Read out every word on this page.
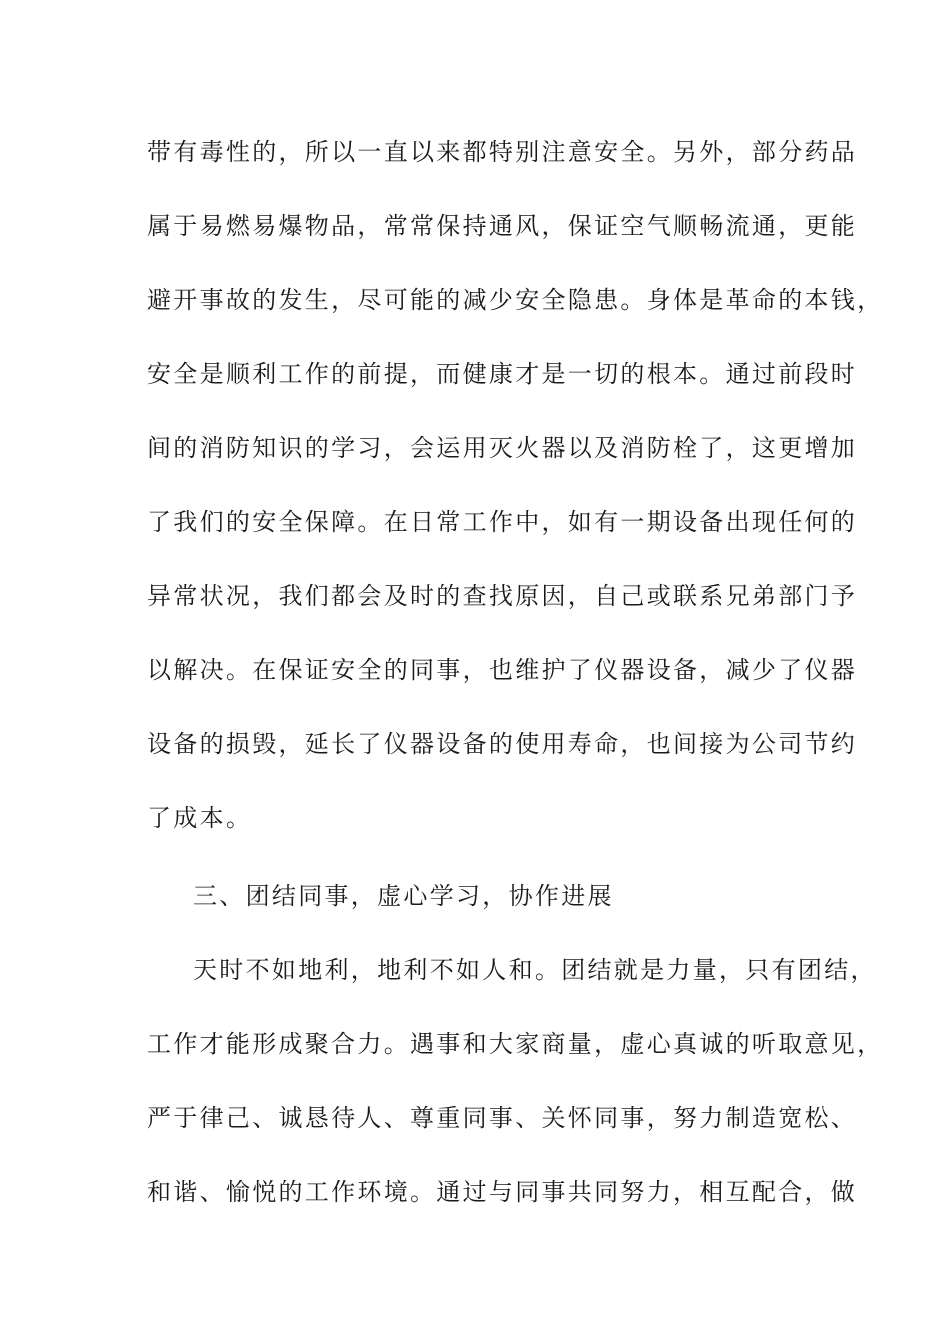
带有毒性的，所以一直以来都特别注意安全。另外，部分药品
属于易燃易爆物品，常常保持通风，保证空气顺畅流通，更能
避开事故的发生，尽可能的减少安全隐患。身体是革命的本钱，
安全是顺利工作的前提，而健康才是一切的根本。通过前段时
间的消防知识的学习，会运用灭火器以及消防栓了，这更增加
了我们的安全保障。在日常工作中，如有一期设备出现任何的
异常状况，我们都会及时的查找原因，自己或联系兄弟部门予
以解决。在保证安全的同事，也维护了仪器设备，减少了仪器
设备的损毁，延长了仪器设备的使用寿命，也间接为公司节约
了成本。
三、团结同事，虚心学习，协作进展
天时不如地利，地利不如人和。团结就是力量，只有团结，
工作才能形成聚合力。遇事和大家商量，虚心真诚的听取意见，
严于律己、诚恳待人、尊重同事、关怀同事，努力制造宽松、
和谐、愉悦的工作环境。通过与同事共同努力，相互配合，做
